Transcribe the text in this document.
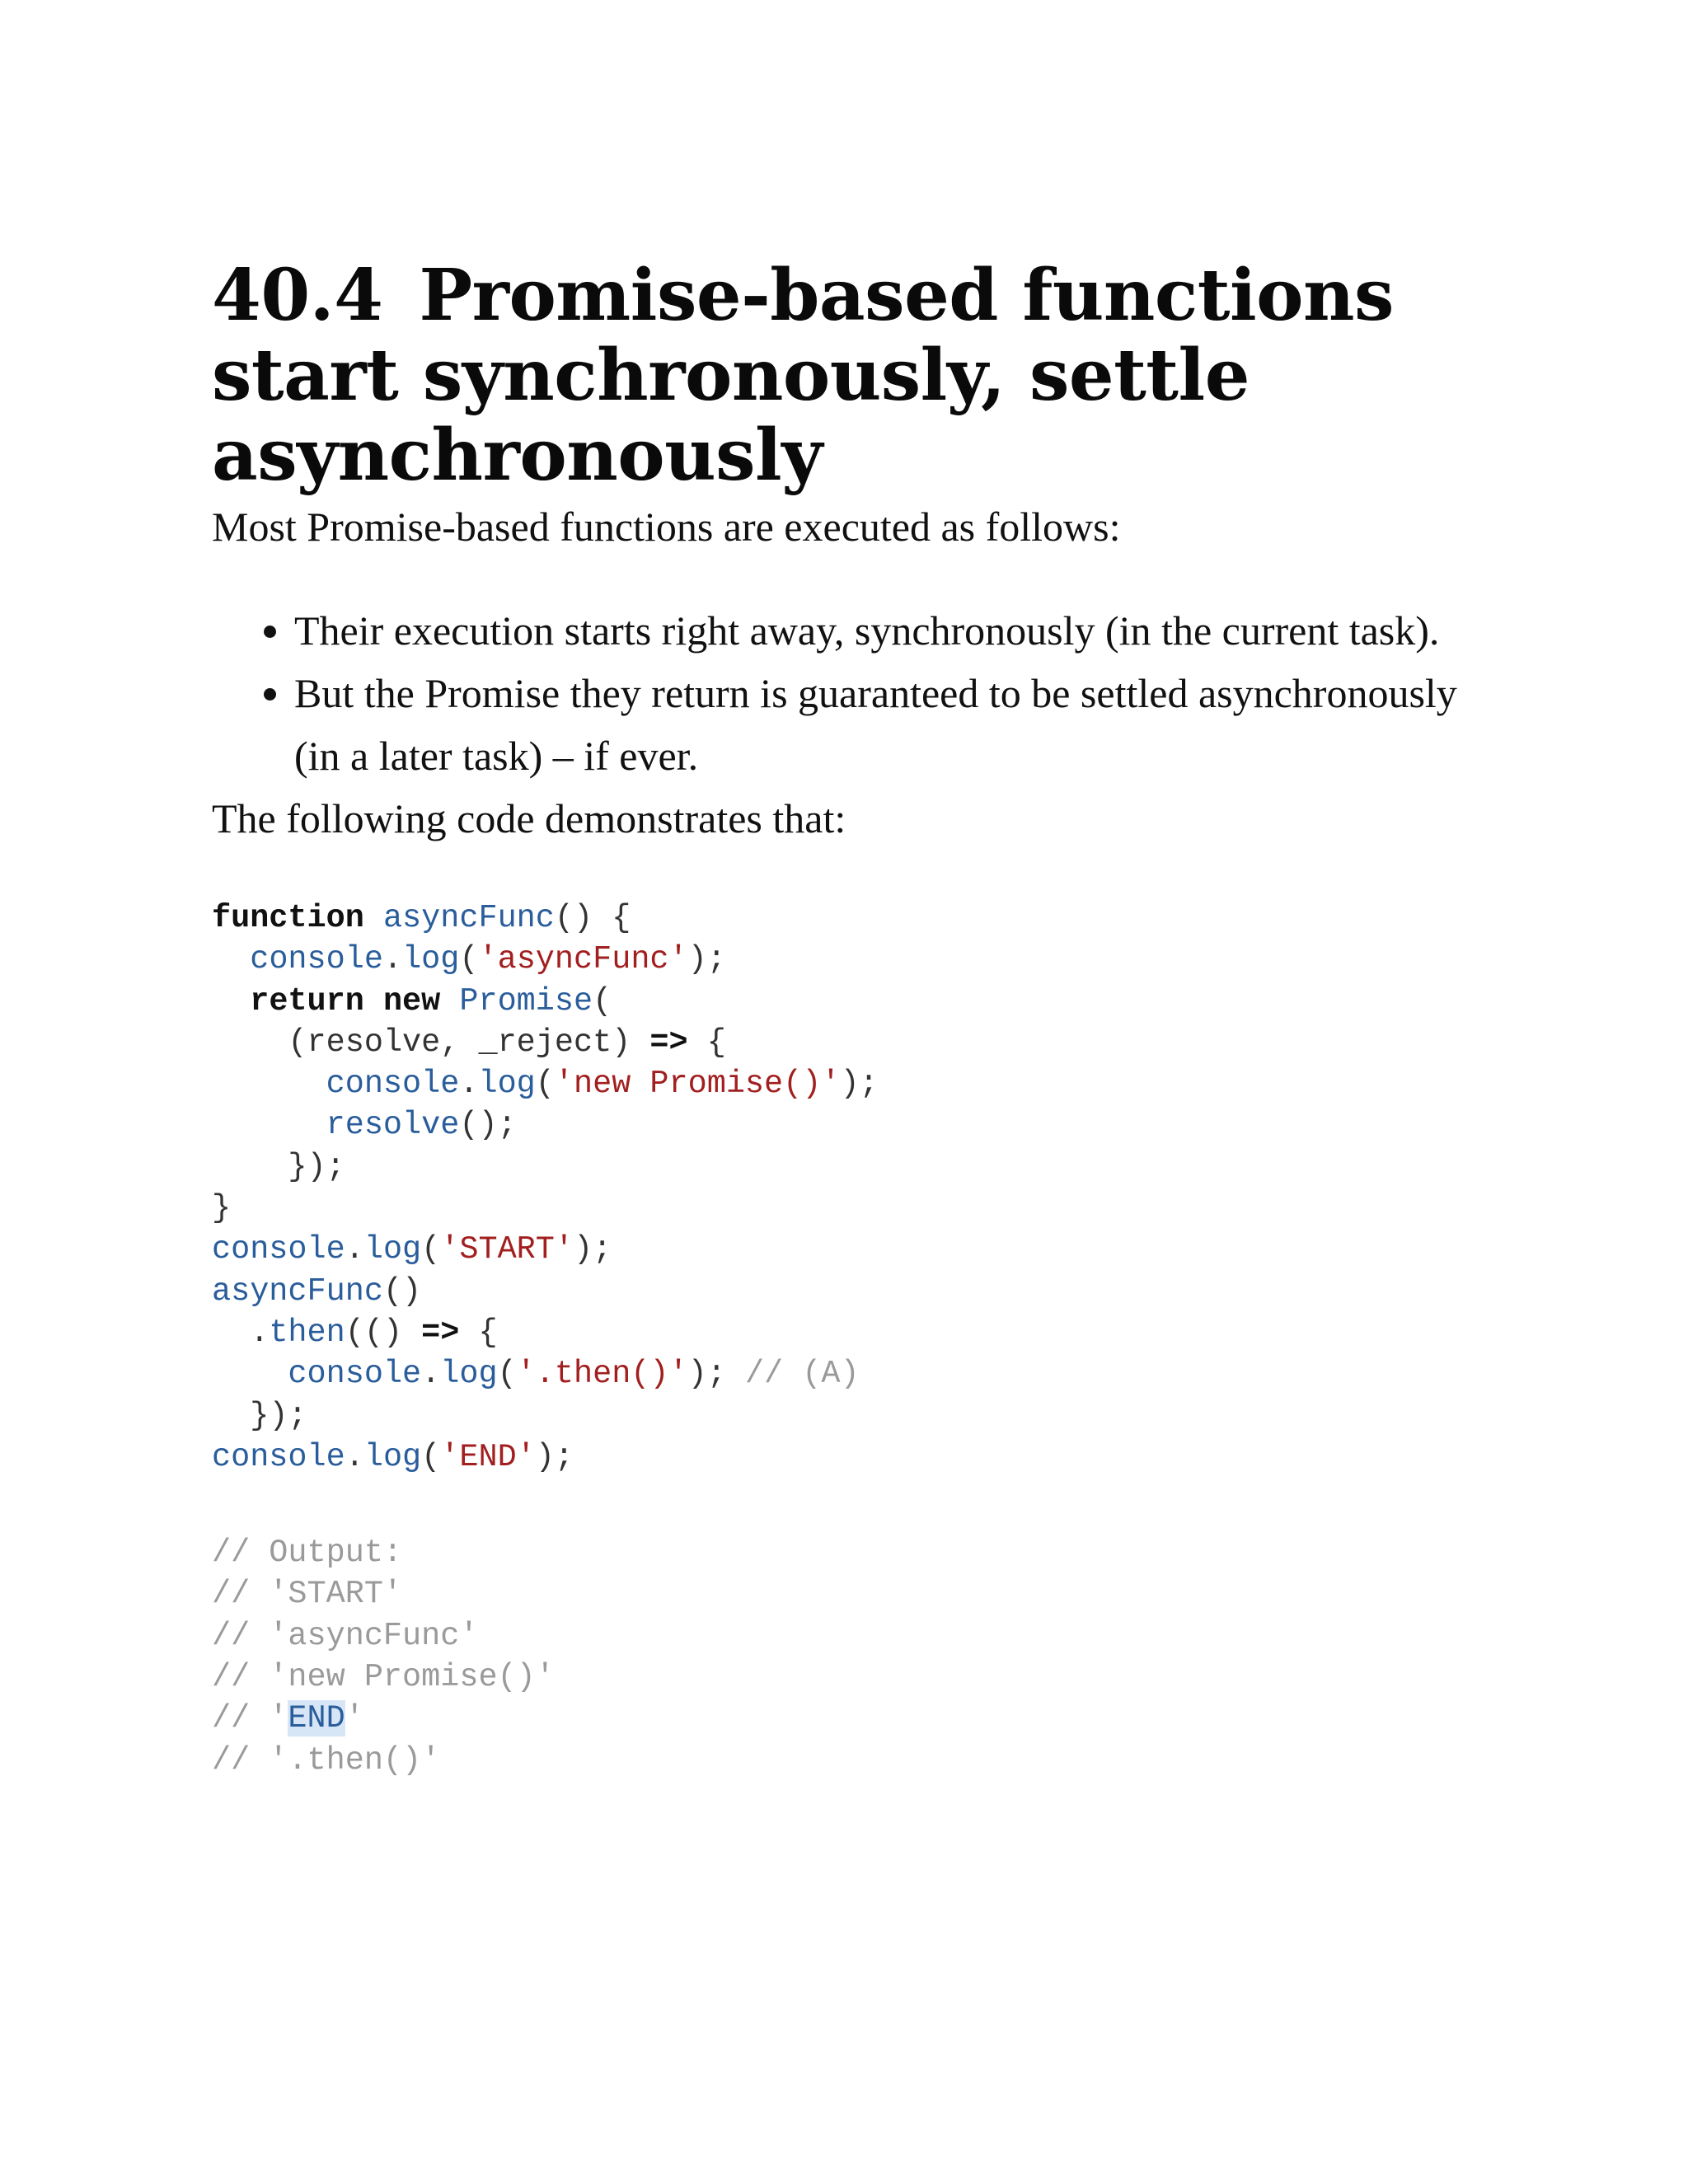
40.4 Promise-based functions start synchronously, settle asynchronously

Most Promise-based functions are executed as follows:

• Their execution starts right away, synchronously (in the current task).
• But the Promise they return is guaranteed to be settled asynchronously (in a later task) – if ever.

The following code demonstrates that:

function asyncFunc() {
console.log('asyncFunc');
return new Promise(
(resolve, _reject) => {
console.log('new Promise()');
resolve();
});
}
console.log('START');
asyncFunc()
.then(() => {
console.log('.then()'); // (A)
});
console.log('END');

// Output:
// 'START'
// 'asyncFunc'
// 'new Promise()'
// 'END'
// '.then()'
